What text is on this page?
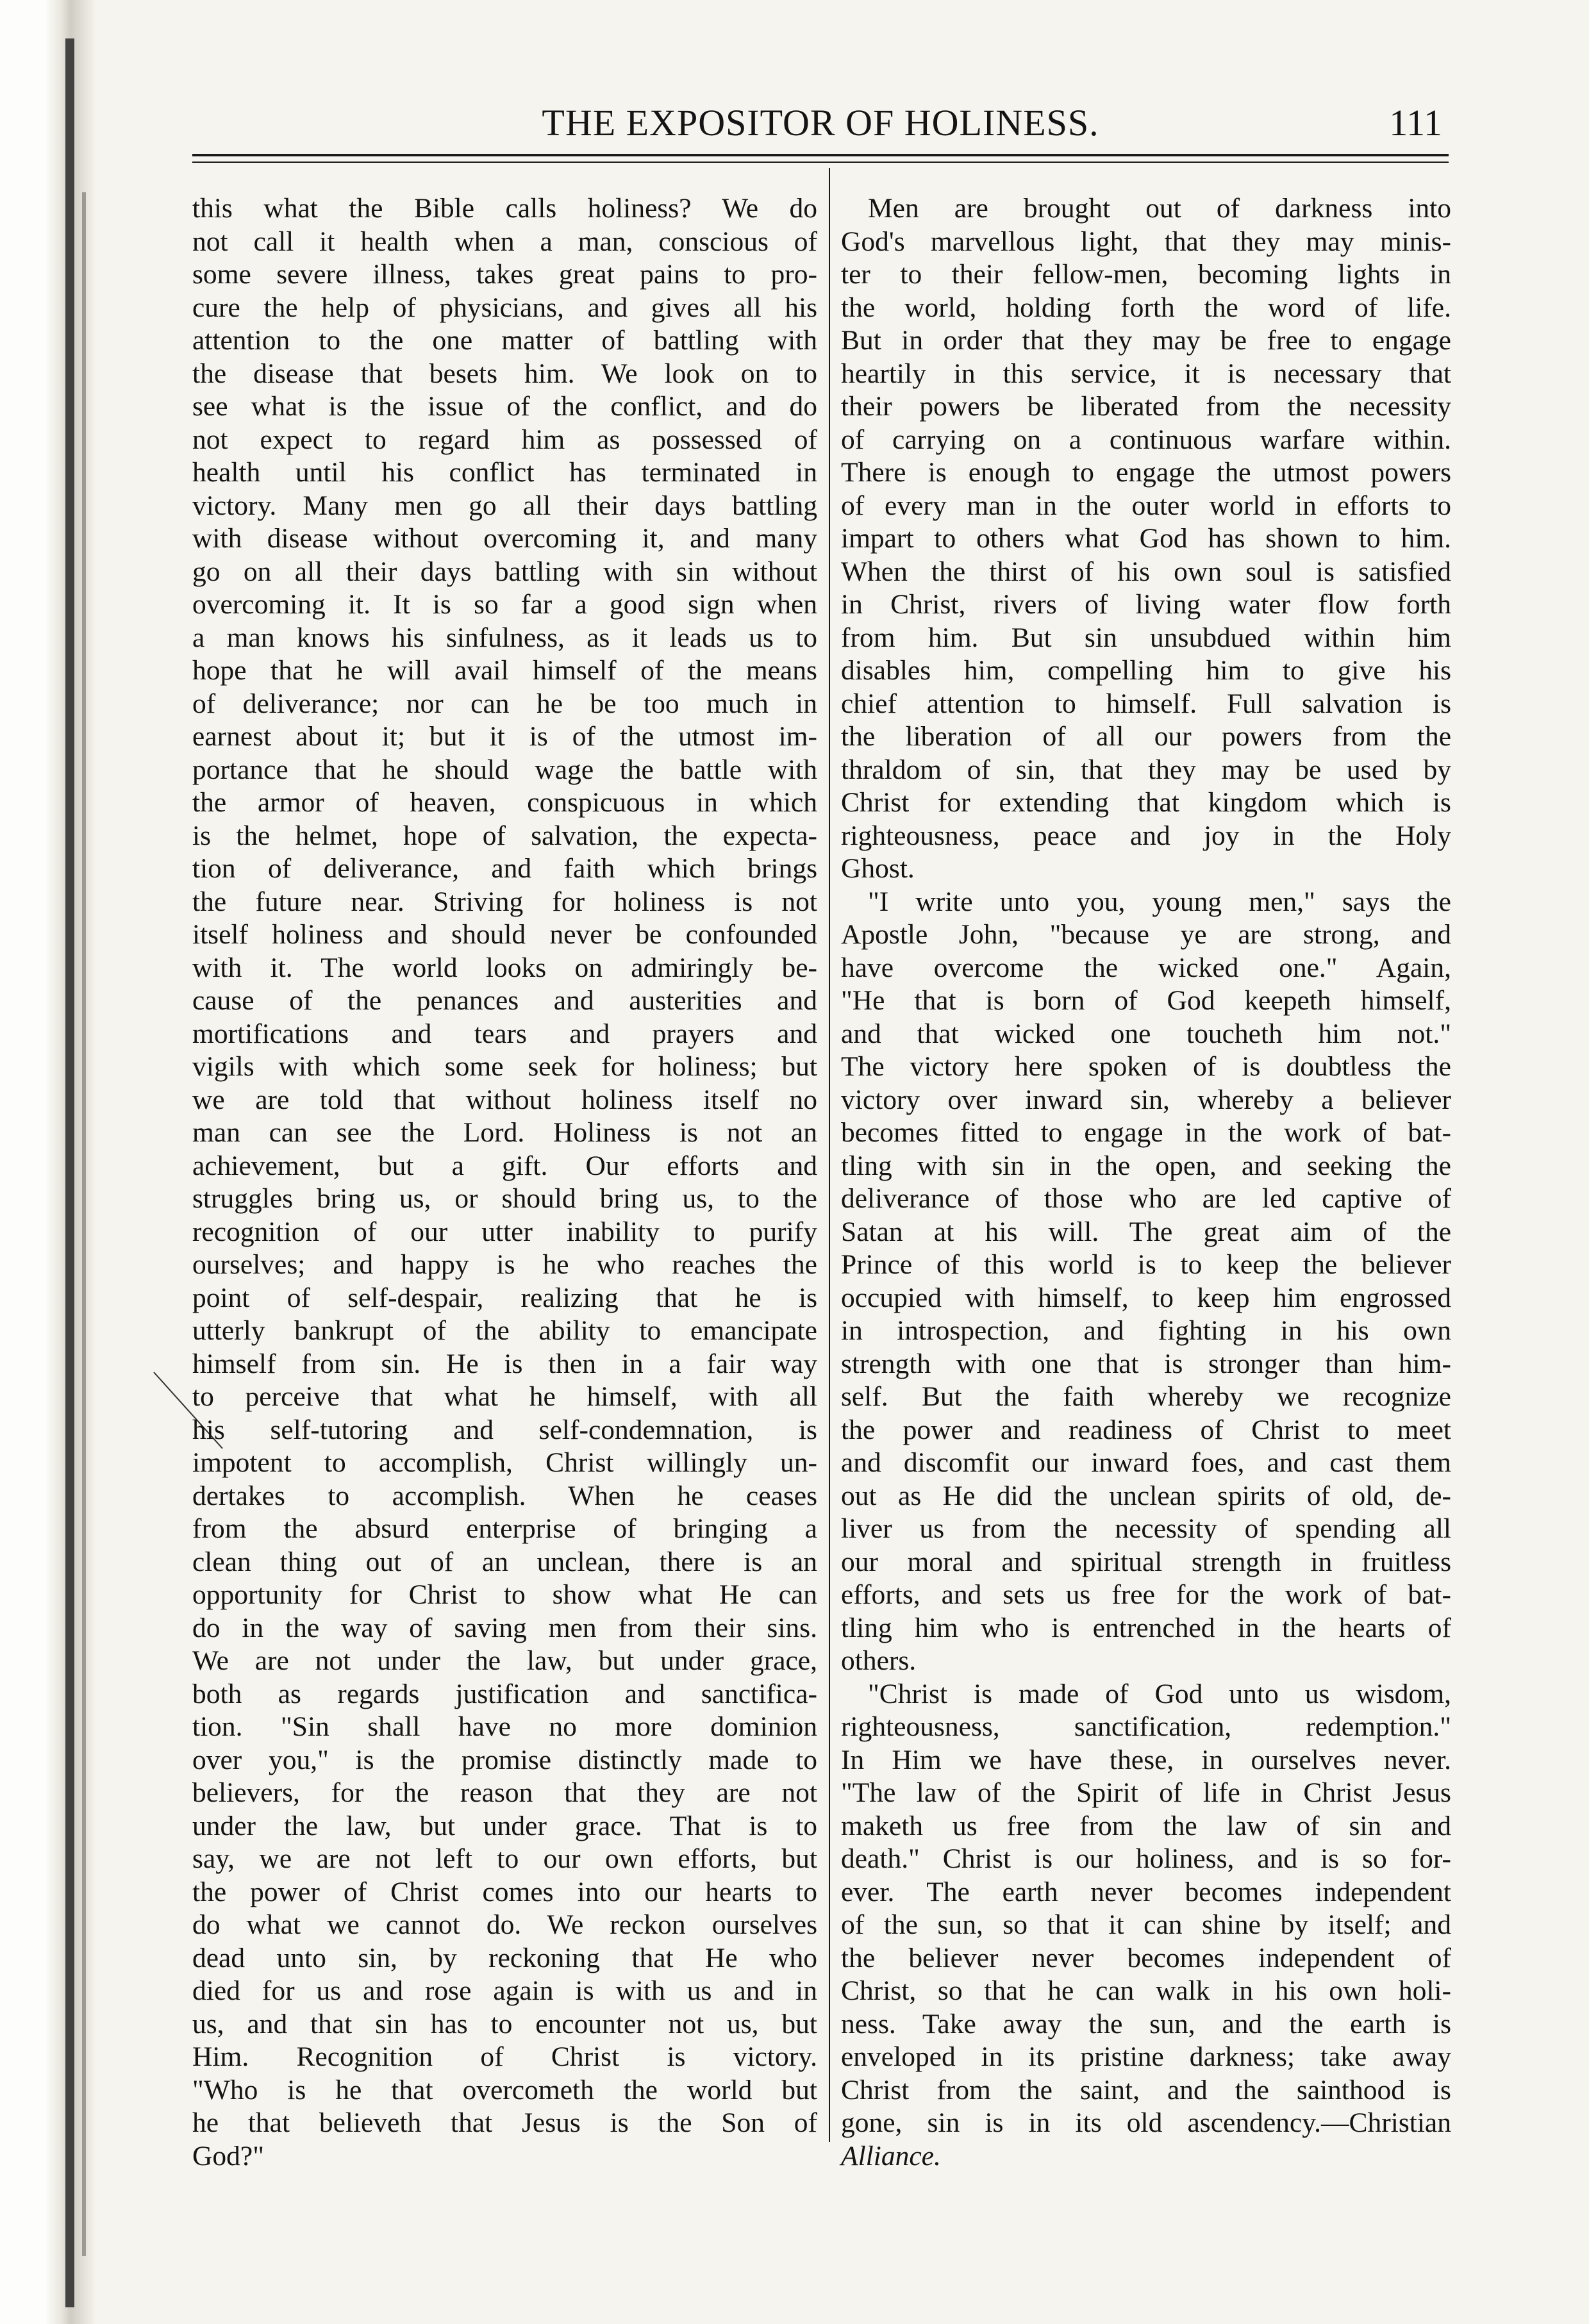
THE EXPOSITOR OF HOLINESS.	111
this what the Bible calls holiness? We do
not call it health when a man, conscious of
some severe illness, takes great pains to pro-
cure the help of physicians, and gives all his
attention to the one matter of battling with
the disease that besets him. We look on to
see what is the issue of the conflict, and do
not expect to regard him as possessed of
health until his conflict has terminated in
victory. Many men go all their days battling
with disease without overcoming it, and many
go on all their days battling with sin without
overcoming it. It is so far a good sign when
a man knows his sinfulness, as it leads us to
hope that he will avail himself of the means
of deliverance; nor can he be too much in
earnest about it; but it is of the utmost im-
portance that he should wage the battle with
the armor of heaven, conspicuous in which
is the helmet, hope of salvation, the expecta-
tion of deliverance, and faith which brings
the future near. Striving for holiness is not
itself holiness and should never be confounded
with it. The world looks on admiringly be-
cause of the penances and austerities and
mortifications and tears and prayers and
vigils with which some seek for holiness; but
we are told that without holiness itself no
man can see the Lord. Holiness is not an
achievement, but a gift. Our efforts and
struggles bring us, or should bring us, to the
recognition of our utter inability to purify
ourselves; and happy is he who reaches the
point of self-despair, realizing that he is
utterly bankrupt of the ability to emancipate
himself from sin. He is then in a fair way
to perceive that what he himself, with all
his self-tutoring and self-condemnation, is
impotent to accomplish, Christ willingly un-
dertakes to accomplish. When he ceases
from the absurd enterprise of bringing a
clean thing out of an unclean, there is an
opportunity for Christ to show what He can
do in the way of saving men from their sins.
We are not under the law, but under grace,
both as regards justification and sanctifica-
tion. "Sin shall have no more dominion
over you," is the promise distinctly made to
believers, for the reason that they are not
under the law, but under grace. That is to
say, we are not left to our own efforts, but
the power of Christ comes into our hearts to
do what we cannot do. We reckon ourselves
dead unto sin, by reckoning that He who
died for us and rose again is with us and in
us, and that sin has to encounter not us, but
Him. Recognition of Christ is victory.
"Who is he that overcometh the world but
he that believeth that Jesus is the Son of
God?"
Men are brought out of darkness into
God's marvellous light, that they may minis-
ter to their fellow-men, becoming lights in
the world, holding forth the word of life.
But in order that they may be free to engage
heartily in this service, it is necessary that
their powers be liberated from the necessity
of carrying on a continuous warfare within.
There is enough to engage the utmost powers
of every man in the outer world in efforts to
impart to others what God has shown to him.
When the thirst of his own soul is satisfied
in Christ, rivers of living water flow forth
from him. But sin unsubdued within him
disables him, compelling him to give his
chief attention to himself. Full salvation is
the liberation of all our powers from the
thraldom of sin, that they may be used by
Christ for extending that kingdom which is
righteousness, peace and joy in the Holy
Ghost.
"I write unto you, young men," says the
Apostle John, "because ye are strong, and
have overcome the wicked one." Again,
"He that is born of God keepeth himself,
and that wicked one toucheth him not."
The victory here spoken of is doubtless the
victory over inward sin, whereby a believer
becomes fitted to engage in the work of bat-
tling with sin in the open, and seeking the
deliverance of those who are led captive of
Satan at his will. The great aim of the
Prince of this world is to keep the believer
occupied with himself, to keep him engrossed
in introspection, and fighting in his own
strength with one that is stronger than him-
self. But the faith whereby we recognize
the power and readiness of Christ to meet
and discomfit our inward foes, and cast them
out as He did the unclean spirits of old, de-
liver us from the necessity of spending all
our moral and spiritual strength in fruitless
efforts, and sets us free for the work of bat-
tling him who is entrenched in the hearts of
others.
"Christ is made of God unto us wisdom,
righteousness, sanctification, redemption."
In Him we have these, in ourselves never.
"The law of the Spirit of life in Christ Jesus
maketh us free from the law of sin and
death." Christ is our holiness, and is so for-
ever. The earth never becomes independent
of the sun, so that it can shine by itself; and
the believer never becomes independent of
Christ, so that he can walk in his own holi-
ness. Take away the sun, and the earth is
enveloped in its pristine darkness; take away
Christ from the saint, and the sainthood is
gone, sin is in its old ascendency.—Christian
Alliance.
